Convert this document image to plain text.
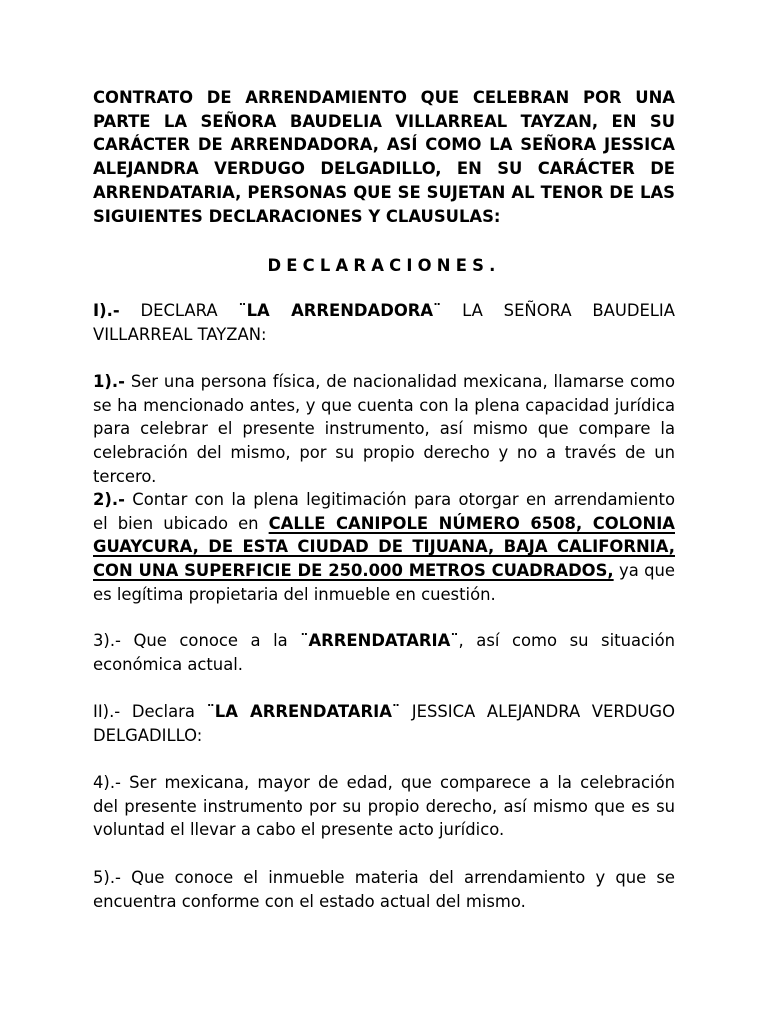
CONTRATO DE ARRENDAMIENTO QUE CELEBRAN POR UNA PARTE LA SEÑORA BAUDELIA VILLARREAL TAYZAN, EN SU CARÁCTER DE ARRENDADORA, ASÍ COMO LA SEÑORA JESSICA ALEJANDRA VERDUGO DELGADILLO, EN SU CARÁCTER DE ARRENDATARIA, PERSONAS QUE SE SUJETAN AL TENOR DE LAS SIGUIENTES DECLARACIONES Y CLAUSULAS:

DECLARACIONES.

I).- DECLARA ¨LA ARRENDADORA¨ LA SEÑORA BAUDELIA VILLARREAL TAYZAN:

1).- Ser una persona física, de nacionalidad mexicana, llamarse como se ha mencionado antes, y que cuenta con la plena capacidad jurídica para celebrar el presente instrumento, así mismo que compare la celebración del mismo, por su propio derecho y no a través de un tercero.

2).- Contar con la plena legitimación para otorgar en arrendamiento el bien ubicado en CALLE CANIPOLE NÚMERO 6508, COLONIA GUAYCURA, DE ESTA CIUDAD DE TIJUANA, BAJA CALIFORNIA, CON UNA SUPERFICIE DE 250.000 METROS CUADRADOS, ya que es legítima propietaria del inmueble en cuestión.

3).- Que conoce a la ¨ARRENDATARIA¨, así como su situación económica actual.

II).- Declara ¨LA ARRENDATARIA¨ JESSICA ALEJANDRA VERDUGO DELGADILLO:

4).- Ser mexicana, mayor de edad, que comparece a la celebración del presente instrumento por su propio derecho, así mismo que es su voluntad el llevar a cabo el presente acto jurídico.

5).- Que conoce el inmueble materia del arrendamiento y que se encuentra conforme con el estado actual del mismo.
